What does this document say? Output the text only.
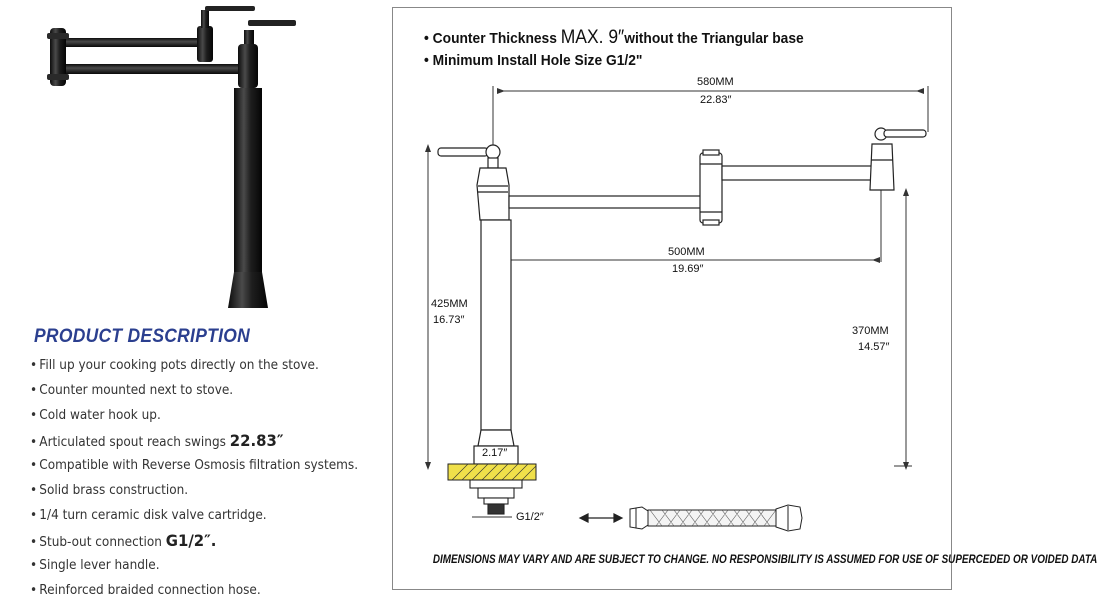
PRODUCT DESCRIPTION
• Fill up your cooking pots directly on the stove.
• Counter mounted next to stove.
• Cold water hook up.
• Articulated spout reach swings 22.83″
• Compatible with Reverse Osmosis filtration systems.
• Solid brass construction.
• 1/4 turn ceramic disk valve cartridge.
• Stub-out connection G1/2″.
• Single lever handle.
• Reinforced braided connection hose.
• Counter Thickness MAX. 9″without the Triangular base
• Minimum Install Hole Size G1/2"
580MM
22.83″
500MM
19.69″
425MM
16.73″
370MM
14.57″
2.17″
G1/2″
DIMENSIONS MAY VARY AND ARE SUBJECT TO CHANGE. NO RESPONSIBILITY IS ASSUMED FOR USE OF SUPERCEDED OR VOIDED DATA
